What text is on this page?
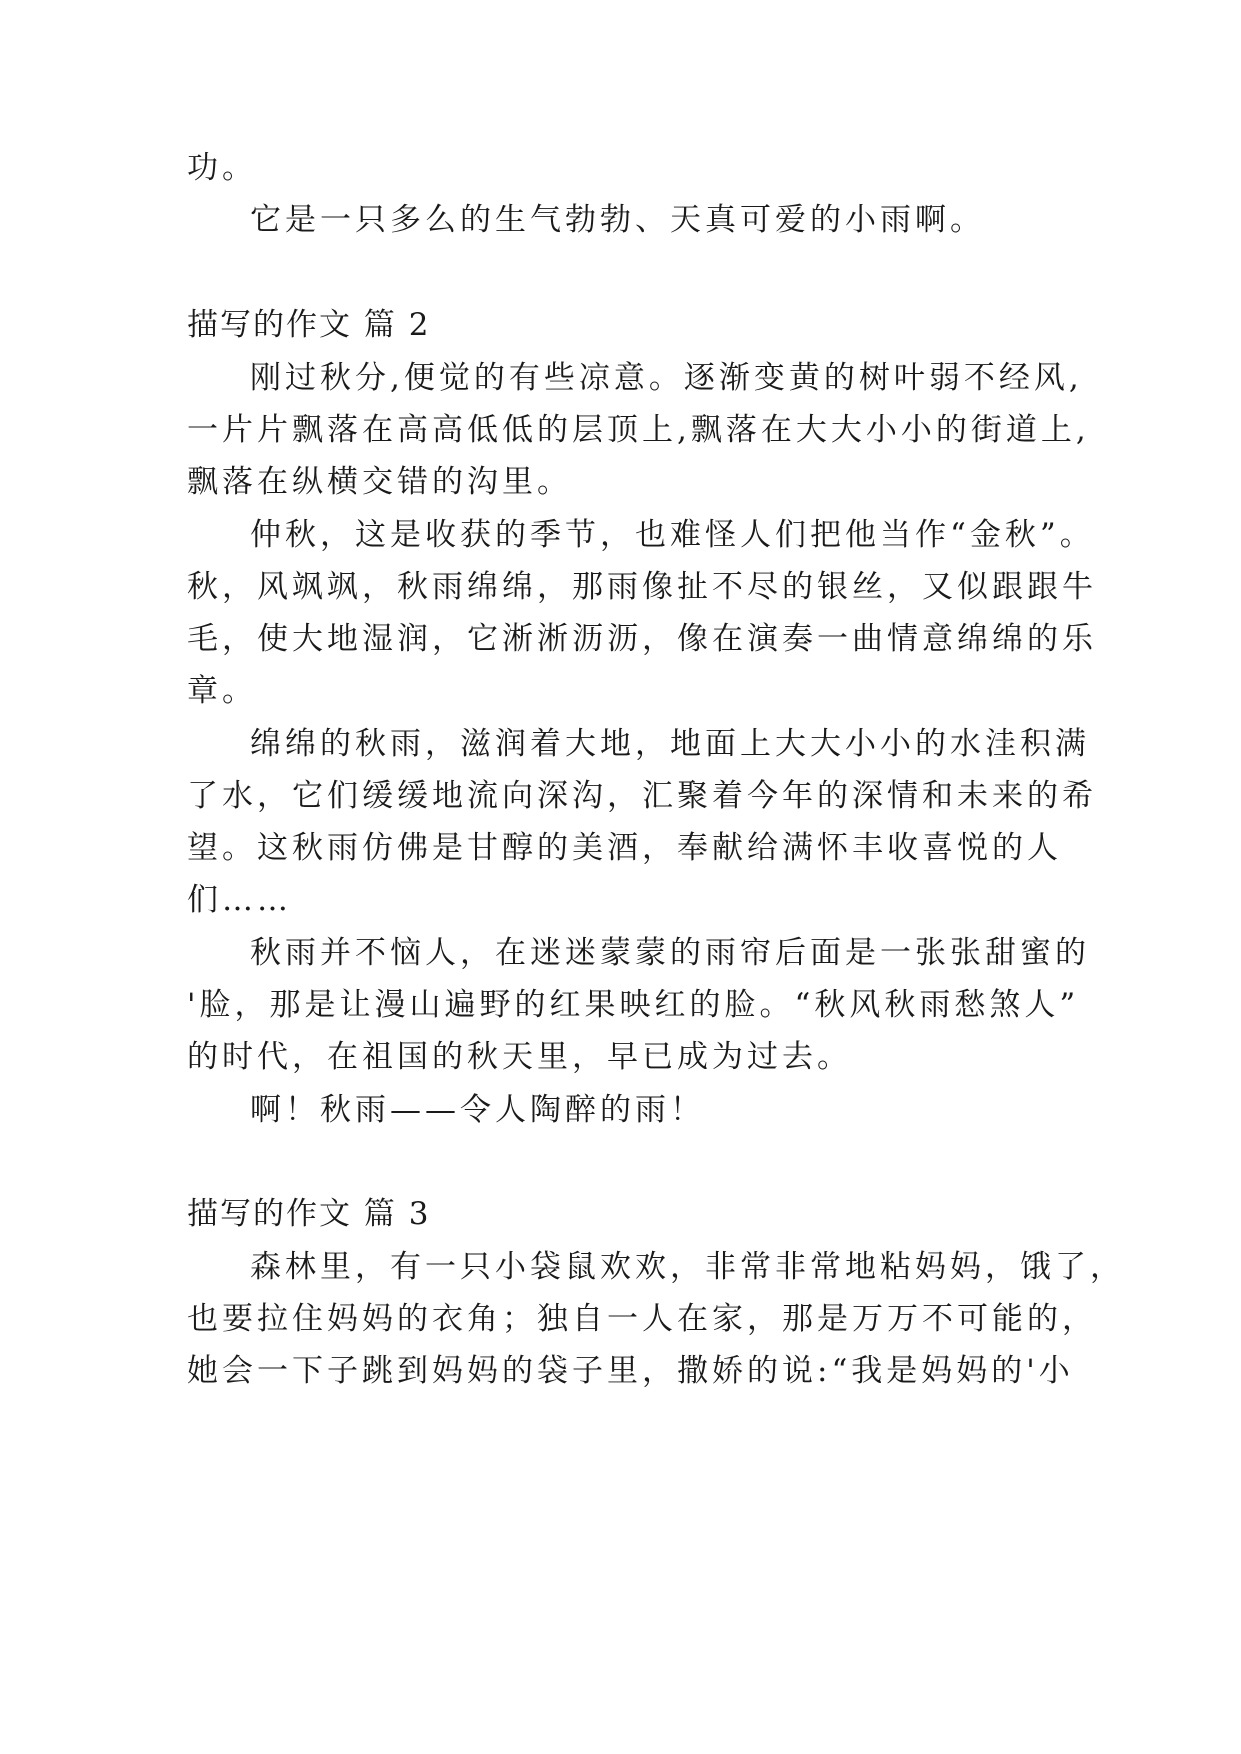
功。
它是一只多么的生气勃勃、天真可爱的小雨啊。
描写的作文 篇 2
刚过秋分,便觉的有些凉意。逐渐变黄的树叶弱不经风,
一片片飘落在高高低低的层顶上,飘落在大大小小的街道上,
飘落在纵横交错的沟里。
仲秋，这是收获的季节，也难怪人们把他当作“金秋”。
秋，风飒飒，秋雨绵绵，那雨像扯不尽的银丝，又似跟跟牛
毛，使大地湿润，它淅淅沥沥，像在演奏一曲情意绵绵的乐
章。
绵绵的秋雨，滋润着大地，地面上大大小小的水洼积满
了水，它们缓缓地流向深沟，汇聚着今年的深情和未来的希
望。这秋雨仿佛是甘醇的美酒，奉献给满怀丰收喜悦的人
们……
秋雨并不恼人，在迷迷蒙蒙的雨帘后面是一张张甜蜜的
'脸，那是让漫山遍野的红果映红的脸。“秋风秋雨愁煞人”
的时代，在祖国的秋天里，早已成为过去。
啊！秋雨——令人陶醉的雨！
描写的作文 篇 3
森林里，有一只小袋鼠欢欢，非常非常地粘妈妈，饿了，
也要拉住妈妈的衣角；独自一人在家，那是万万不可能的，
她会一下子跳到妈妈的袋子里，撒娇的说:“我是妈妈的'小
